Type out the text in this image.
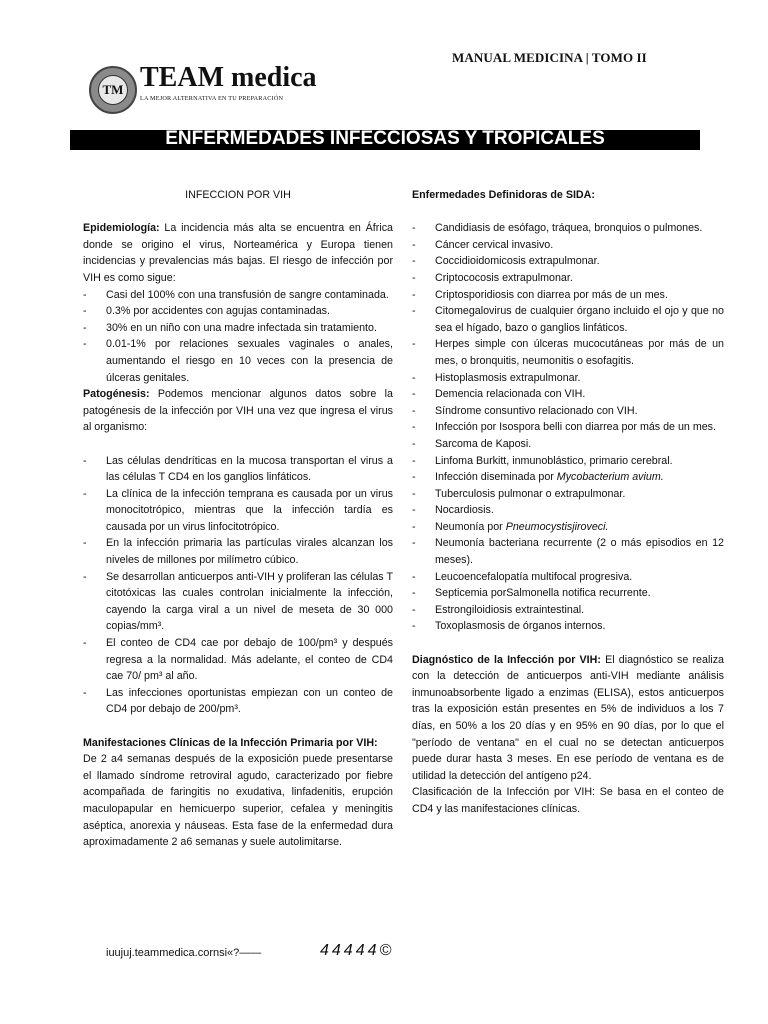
MANUAL MEDICINA | TOMO II
TM TEAM medica
LA MEJOR ALTERNATIVA EN TU PREPARACIÓN
ENFERMEDADES INFECCIOSAS Y TROPICALES

INFECCION POR VIH

Epidemiología: La incidencia más alta se encuentra en África donde se origino el virus, Norteamérica y Europa tienen incidencias y prevalencias más bajas. El riesgo de infección por VIH es como sigue:

- Casi del 100% con una transfusión de sangre contaminada.
- 0.3% por accidentes con agujas contaminadas.
- 30% en un niño con una madre infectada sin tratamiento.
- 0.01-1% por relaciones sexuales vaginales o anales, aumentando el riesgo en 10 veces con la presencia de úlceras genitales.

Patogénesis: Podemos mencionar algunos datos sobre la patogénesis de la infección por VIH una vez que ingresa el virus al organismo:

- Las células dendríticas en la mucosa transportan el virus a las células T CD4 en los ganglios linfáticos.
- La clínica de la infección temprana es causada por un virus monocitotrópico, mientras que la infección tardía es causada por un virus linfocitotrópico.
- En la infección primaria las partículas virales alcanzan los niveles de millones por milímetro cúbico.
- Se desarrollan anticuerpos anti-VIH y proliferan las células T citotóxicas las cuales controlan inicialmente la infección, cayendo la carga viral a un nivel de meseta de 30 000 copias/mm³.
- El conteo de CD4 cae por debajo de 100/pm³ y después regresa a la normalidad. Más adelante, el conteo de CD4 cae 70/ pm³ al año.
- Las infecciones oportunistas empiezan con un conteo de CD4 por debajo de 200/pm³.

Manifestaciones Clínicas de la Infección Primaria por VIH:

De 2 a4 semanas después de la exposición puede presentarse el llamado síndrome retroviral agudo, caracterizado por fiebre acompañada de faringitis no exudativa, linfadenitis, erupción maculopapular en hemicuerpo superior, cefalea y meningitis aséptica, anorexia y náuseas. Esta fase de la enfermedad dura aproximadamente 2 a6 semanas y suele autolimitarse.

Enfermedades Definidoras de SIDA:

- Candidiasis de esófago, tráquea, bronquios o pulmones.
- Cáncer cervical invasivo.
- Coccidioidomicosis extrapulmonar.
- Criptococosis extrapulmonar.
- Criptosporidiosis con diarrea por más de un mes.
- Citomegalovirus de cualquier órgano incluido el ojo y que no sea el hígado, bazo o ganglios linfáticos.
- Herpes simple con úlceras mucocutáneas por más de un mes, o bronquitis, neumonitis o esofagitis.
- Histoplasmosis extrapulmonar.
- Demencia relacionada con VIH.
- Síndrome consuntivo relacionado con VIH.
- Infección por Isospora belli con diarrea por más de un mes.
- Sarcoma de Kaposi.
- Linfoma Burkitt, inmunoblástico, primario cerebral.
- Infección diseminada por Mycobacterium avium.
- Tuberculosis pulmonar o extrapulmonar.
- Nocardiosis.
- Neumonía por Pneumocystisjiroveci.
- Neumonía bacteriana recurrente (2 o más episodios en 12 meses).
- Leucoencefalopatía multifocal progresiva.
- Septicemia porSalmonella notifica recurrente.
- Estrongiloidiosis extraintestinal.
- Toxoplasmosis de órganos internos.

Diagnóstico de la Infección por VIH: El diagnóstico se realiza con la detección de anticuerpos anti-VIH mediante análisis inmunoabsorbente ligado a enzimas (ELISA), estos anticuerpos tras la exposición están presentes en 5% de individuos a los 7 días, en 50% a los 20 días y en 95% en 90 días, por lo que el "período de ventana" en el cual no se detectan anticuerpos puede durar hasta 3 meses. En ese período de ventana es de utilidad la detección del antígeno p24.

Clasificación de la Infección por VIH: Se basa en el conteo de CD4 y las manifestaciones clínicas.

iuujuj.teammedica.cornsi«?——	44444©
